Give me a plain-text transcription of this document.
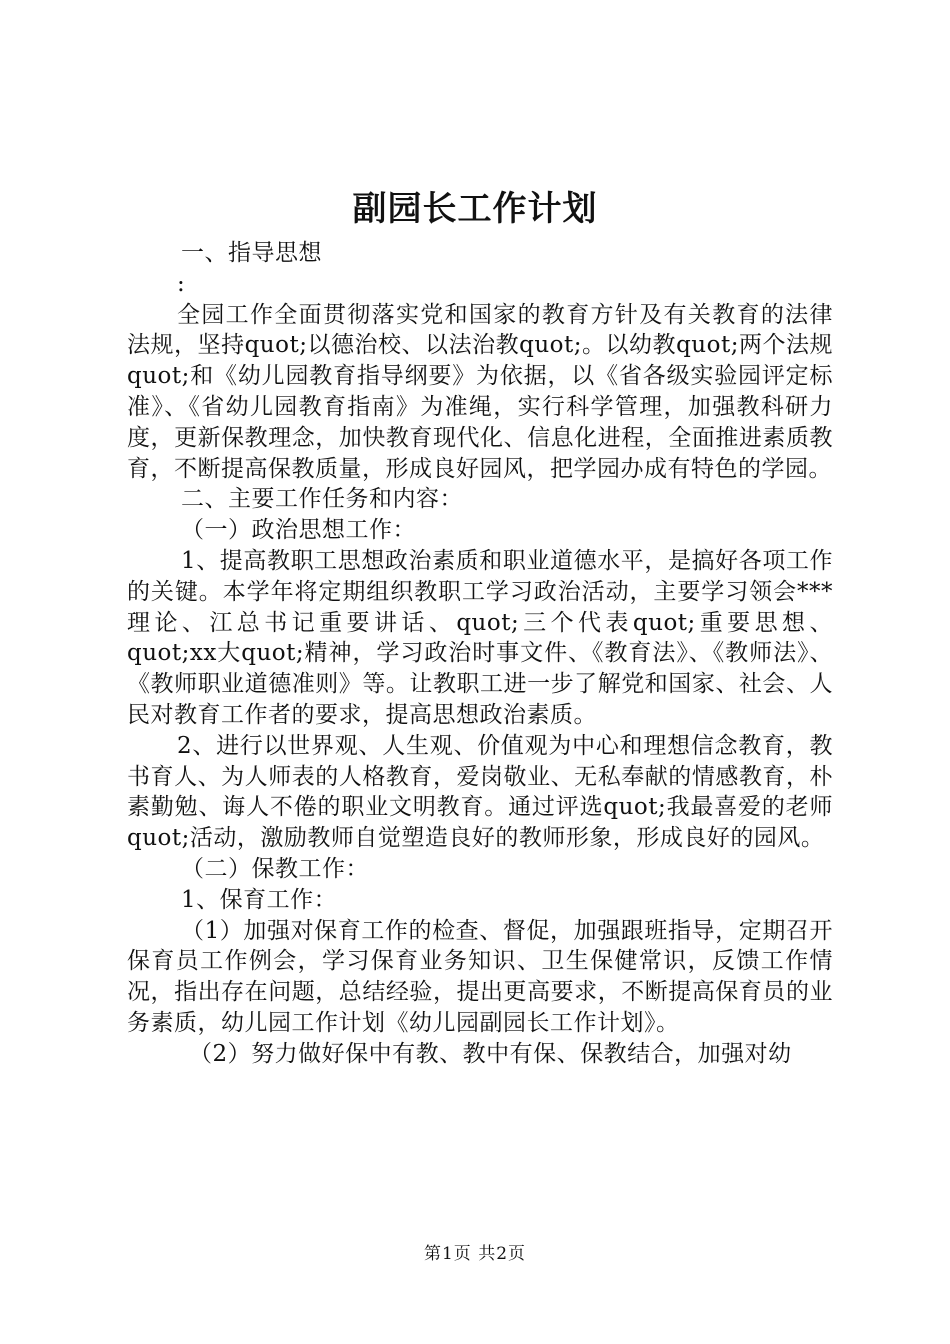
副园长工作计划

一、指导思想

:

全园工作全面贯彻落实党和国家的教育方针及有关教育的法律法规，坚持quot;以德治校、以法治教quot;。以幼教quot;两个法规quot;和《幼儿园教育指导纲要》为依据，以《省各级实验园评定标准》、《省幼儿园教育指南》为准绳，实行科学管理，加强教科研力度，更新保教理念，加快教育现代化、信息化进程，全面推进素质教育，不断提高保教质量，形成良好园风，把学园办成有特色的学园。

二、主要工作任务和内容：

（一）政治思想工作：

1、提高教职工思想政治素质和职业道德水平，是搞好各项工作的关键。本学年将定期组织教职工学习政治活动，主要学习领会***理论、江总书记重要讲话、quot;三个代表quot;重要思想、quot;xx大quot;精神，学习政治时事文件、《教育法》、《教师法》、《教师职业道德准则》等。让教职工进一步了解党和国家、社会、人民对教育工作者的要求，提高思想政治素质。

2、进行以世界观、人生观、价值观为中心和理想信念教育，教书育人、为人师表的人格教育，爱岗敬业、无私奉献的情感教育，朴素勤勉、诲人不倦的职业文明教育。通过评选quot;我最喜爱的老师quot;活动，激励教师自觉塑造良好的教师形象，形成良好的园风。

（二）保教工作：

1、保育工作：

（1）加强对保育工作的检查、督促，加强跟班指导，定期召开保育员工作例会，学习保育业务知识、卫生保健常识，反馈工作情况，指出存在问题，总结经验，提出更高要求，不断提高保育员的业务素质，幼儿园工作计划《幼儿园副园长工作计划》。

（2）努力做好保中有教、教中有保、保教结合，加强对幼

第1页 共2页
